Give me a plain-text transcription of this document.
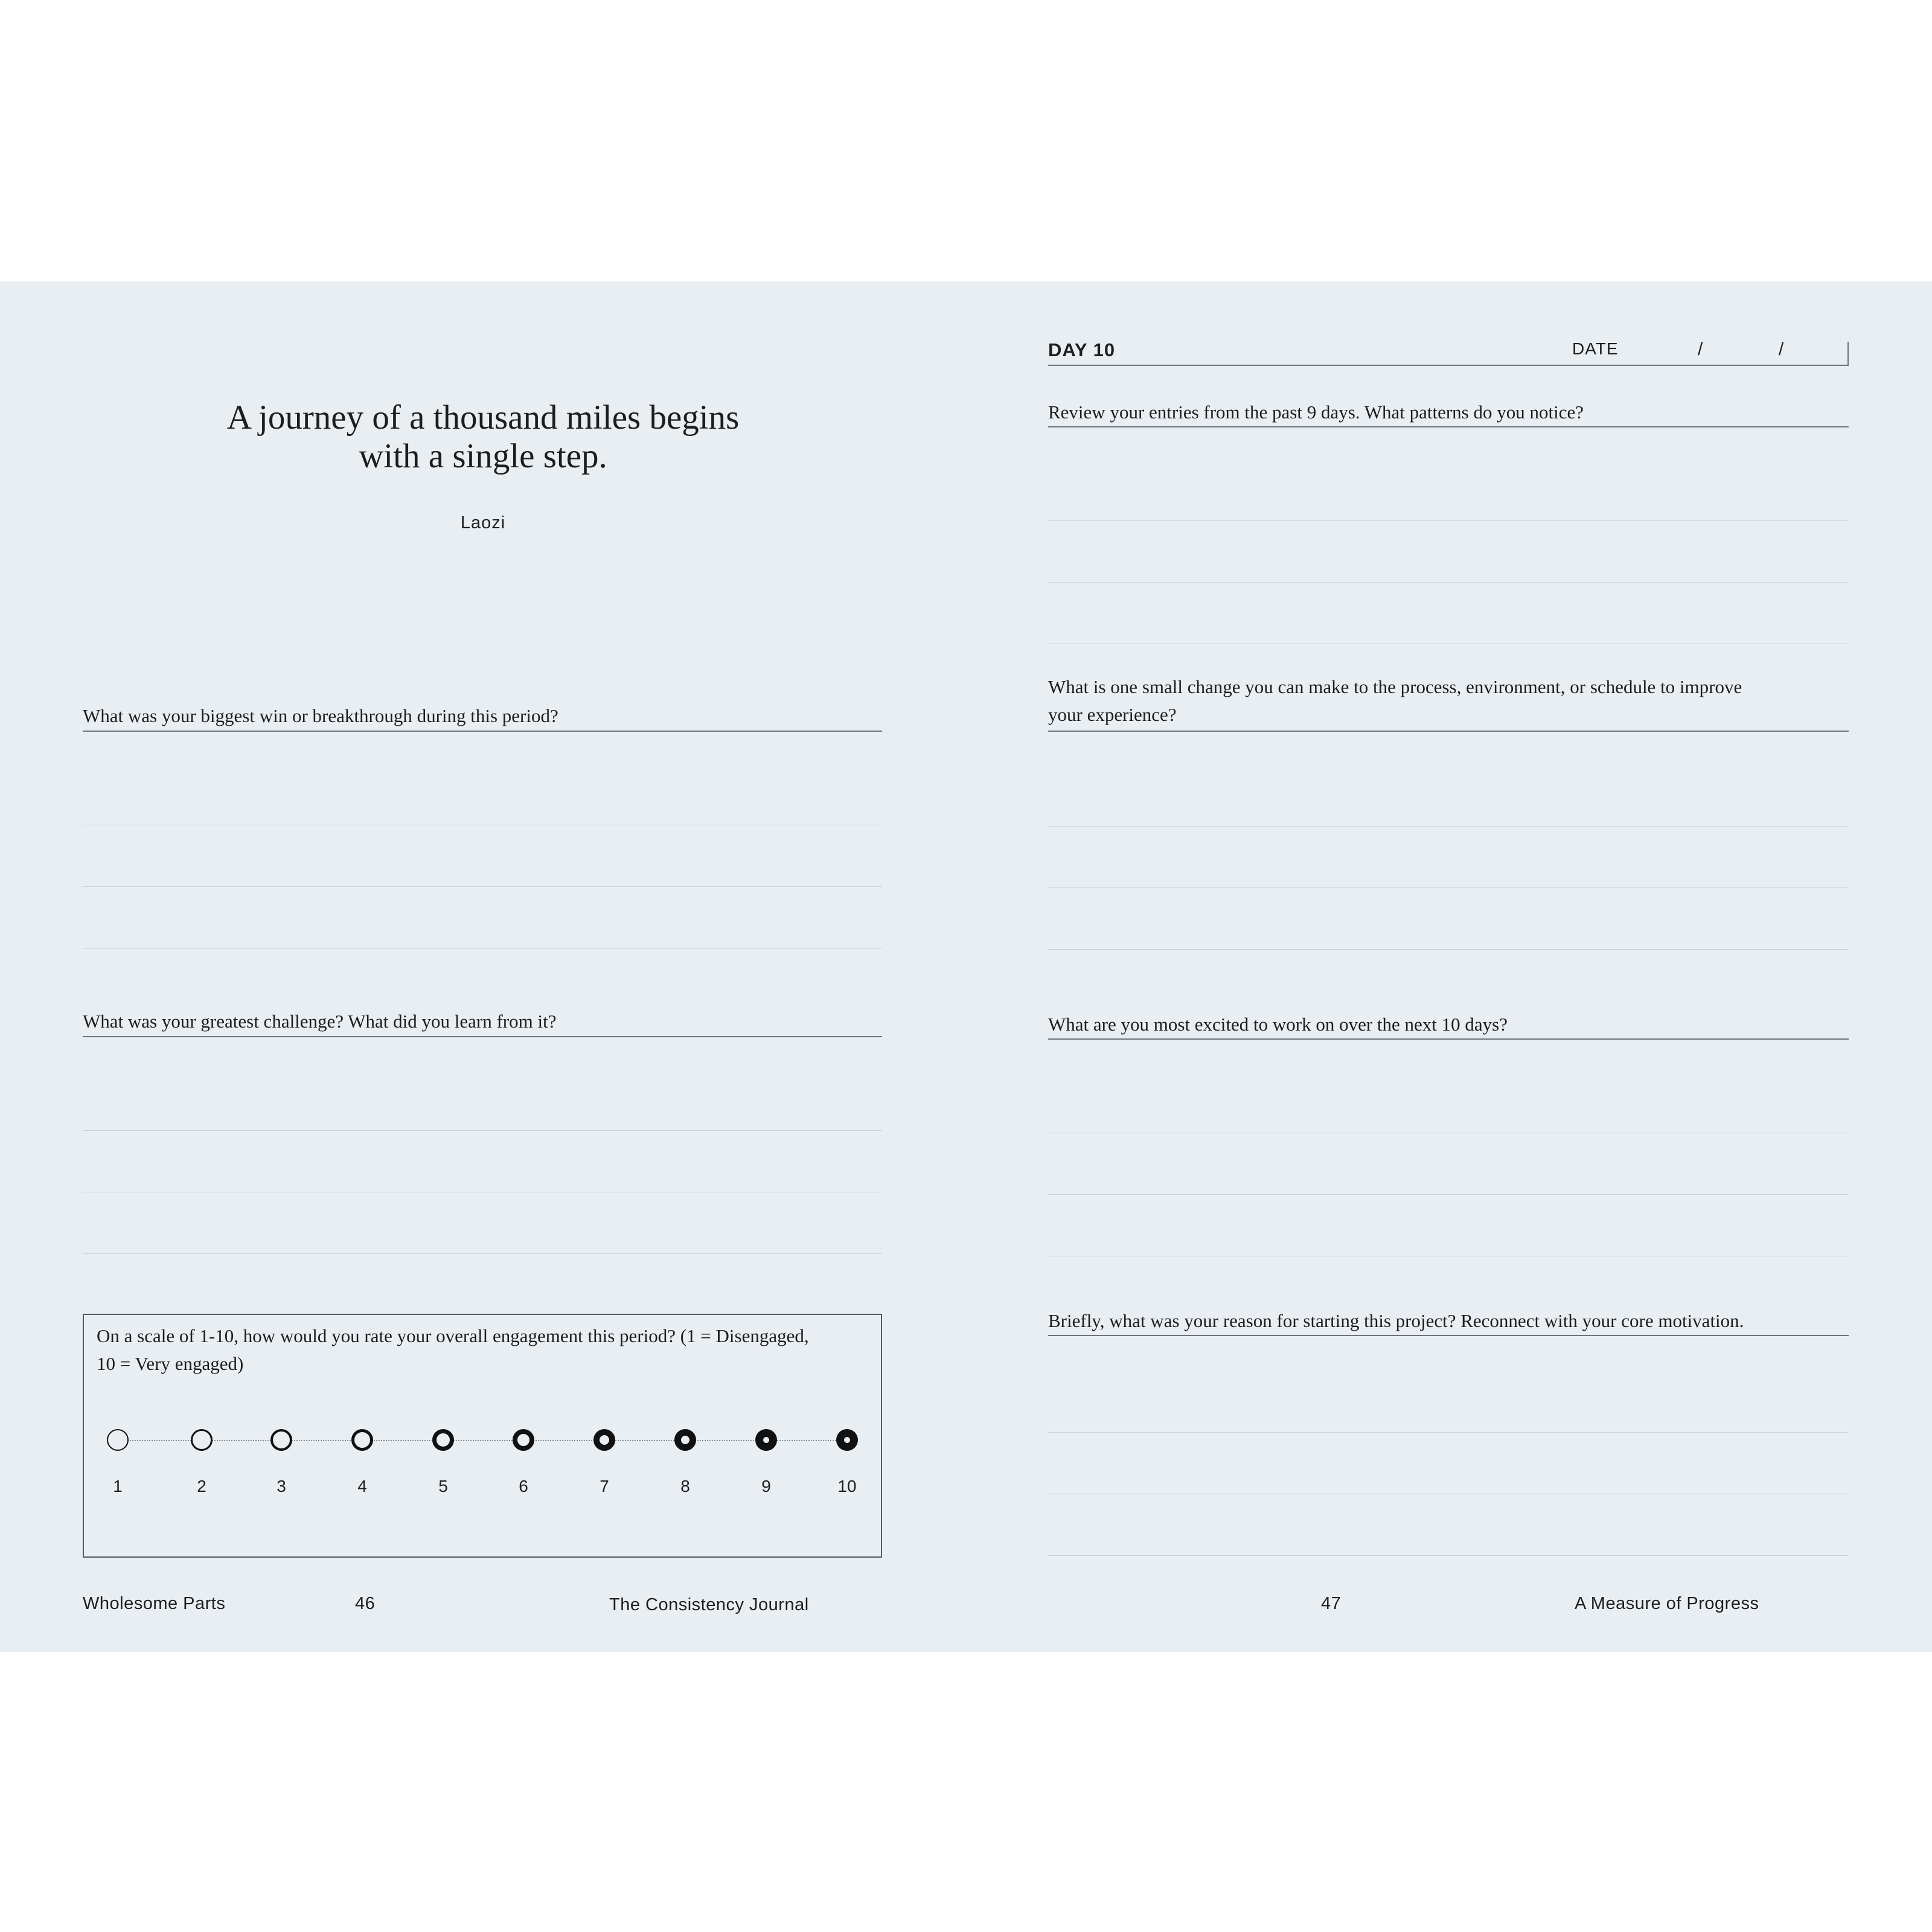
A journey of a thousand miles begins
with a single step.
Laozi
What was your biggest win or breakthrough during this period?
What was your greatest challenge? What did you learn from it?
On a scale of 1-10, how would you rate your overall engagement this period? (1 = Disengaged,
10 = Very engaged)
1	2	3	4	5	6	7	8	9	10
Wholesome Parts	46	The Consistency Journal
DAY 10	DATE	/	/
Review your entries from the past 9 days. What patterns do you notice?
What is one small change you can make to the process, environment, or schedule to improve
your experience?
What are you most excited to work on over the next 10 days?
Briefly, what was your reason for starting this project? Reconnect with your core motivation.
47	A Measure of Progress
